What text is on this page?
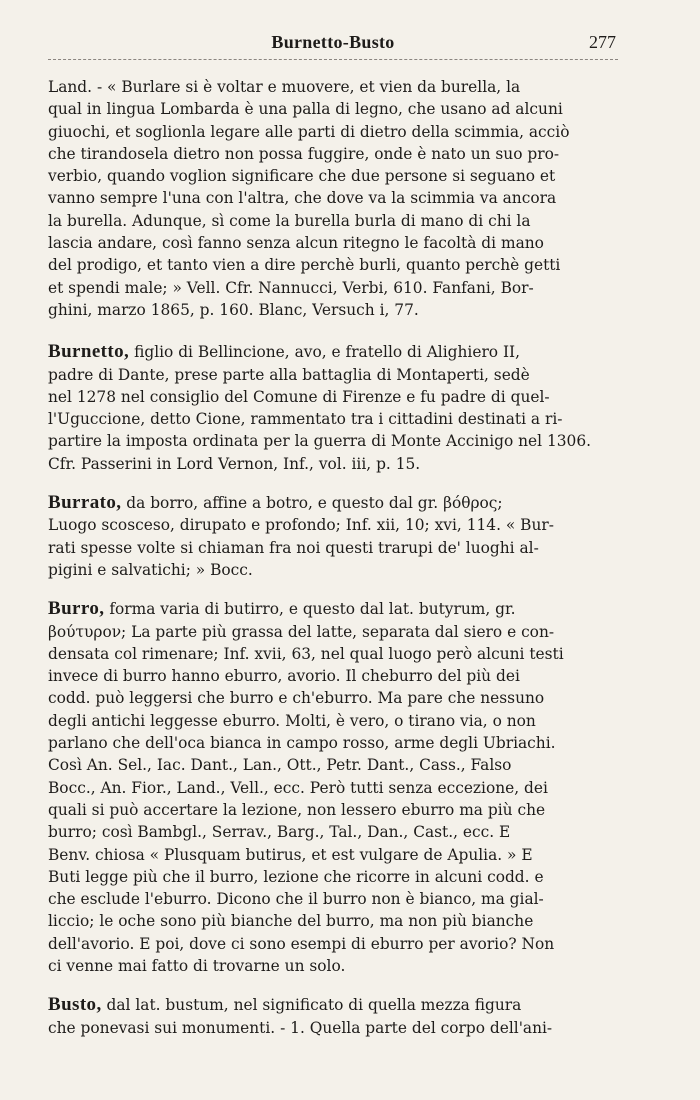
Burnetto-Busto	277

Land. - « Burlare si è voltar e muovere, et vien da burella, la
qual in lingua Lombarda è una palla di legno, che usano ad alcuni
giuochi, et soglionla legare alle parti di dietro della scimmia, acciò
che tirandosela dietro non possa fuggire, onde è nato un suo pro-
verbio, quando voglion significare che due persone si seguano et
vanno sempre l'una con l'altra, che dove va la scimmia va ancora
la burella. Adunque, sì come la burella burla di mano di chi la
lascia andare, così fanno senza alcun ritegno le facoltà di mano
del prodigo, et tanto vien a dire perchè burli, quanto perchè getti
et spendi male; » Vell. Cfr. Nannucci, Verbi, 610. Fanfani, Bor-
ghini, marzo 1865, p. 160. Blanc, Versuch i, 77.

Burnetto, figlio di Bellincione, avo, e fratello di Alighiero II,
padre di Dante, prese parte alla battaglia di Montaperti, sedè
nel 1278 nel consiglio del Comune di Firenze e fu padre di quel-
l'Uguccione, detto Cione, rammentato tra i cittadini destinati a ri-
partire la imposta ordinata per la guerra di Monte Accinigo nel 1306.
Cfr. Passerini in Lord Vernon, Inf., vol. iii, p. 15.

Burrato, da borro, affine a botro, e questo dal gr. βόθρος;
Luogo scosceso, dirupato e profondo; Inf. xii, 10; xvi, 114. « Bur-
rati spesse volte si chiaman fra noi questi trarupi de' luoghi al-
pigini e salvatichi; » Bocc.

Burro, forma varia di butirro, e questo dal lat. butyrum, gr.
βούτυρον; La parte più grassa del latte, separata dal siero e con-
densata col rimenare; Inf. xvii, 63, nel qual luogo però alcuni testi
invece di burro hanno eburro, avorio. Il cheburro del più dei
codd. può leggersi che burro e ch'eburro. Ma pare che nessuno
degli antichi leggesse eburro. Molti, è vero, o tirano via, o non
parlano che dell'oca bianca in campo rosso, arme degli Ubriachi.
Così An. Sel., Iac. Dant., Lan., Ott., Petr. Dant., Cass., Falso
Bocc., An. Fior., Land., Vell., ecc. Però tutti senza eccezione, dei
quali si può accertare la lezione, non lessero eburro ma più che
burro; così Bambgl., Serrav., Barg., Tal., Dan., Cast., ecc. E
Benv. chiosa « Plusquam butirus, et est vulgare de Apulia. » E
Buti legge più che il burro, lezione che ricorre in alcuni codd. e
che esclude l'eburro. Dicono che il burro non è bianco, ma gial-
liccio; le oche sono più bianche del burro, ma non più bianche
dell'avorio. E poi, dove ci sono esempi di eburro per avorio? Non
ci venne mai fatto di trovarne un solo.

Busto, dal lat. bustum, nel significato di quella mezza figura
che ponevasi sui monumenti. - 1. Quella parte del corpo dell'ani-
